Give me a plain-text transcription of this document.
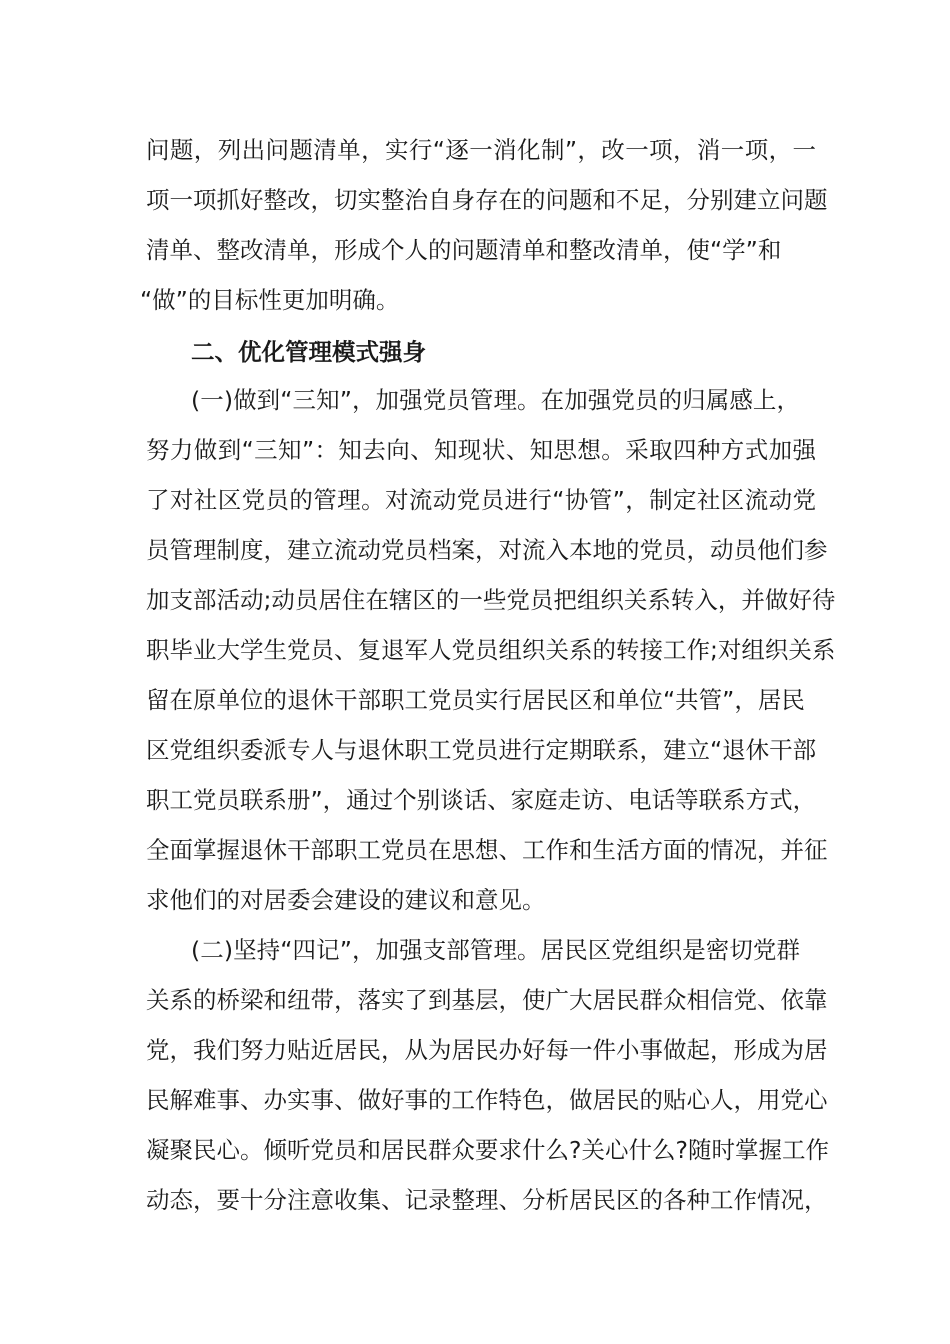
问题，列出问题清单，实行“逐一消化制”，改一项，消一项，一
项一项抓好整改，切实整治自身存在的问题和不足，分别建立问题
清单、整改清单，形成个人的问题清单和整改清单，使“学”和
“做”的目标性更加明确。
二、优化管理模式强身
(一)做到“三知”，加强党员管理。在加强党员的归属感上，
努力做到“三知”：知去向、知现状、知思想。采取四种方式加强
了对社区党员的管理。对流动党员进行“协管”，制定社区流动党
员管理制度，建立流动党员档案，对流入本地的党员，动员他们参
加支部活动;动员居住在辖区的一些党员把组织关系转入，并做好待
职毕业大学生党员、复退军人党员组织关系的转接工作;对组织关系
留在原单位的退休干部职工党员实行居民区和单位“共管”，居民
区党组织委派专人与退休职工党员进行定期联系，建立“退休干部
职工党员联系册”，通过个别谈话、家庭走访、电话等联系方式，
全面掌握退休干部职工党员在思想、工作和生活方面的情况，并征
求他们的对居委会建设的建议和意见。
(二)坚持“四记”，加强支部管理。居民区党组织是密切党群
关系的桥梁和纽带，落实了到基层，使广大居民群众相信党、依靠
党，我们努力贴近居民，从为居民办好每一件小事做起，形成为居
民解难事、办实事、做好事的工作特色，做居民的贴心人，用党心
凝聚民心。倾听党员和居民群众要求什么?关心什么?随时掌握工作
动态，要十分注意收集、记录整理、分析居民区的各种工作情况，
